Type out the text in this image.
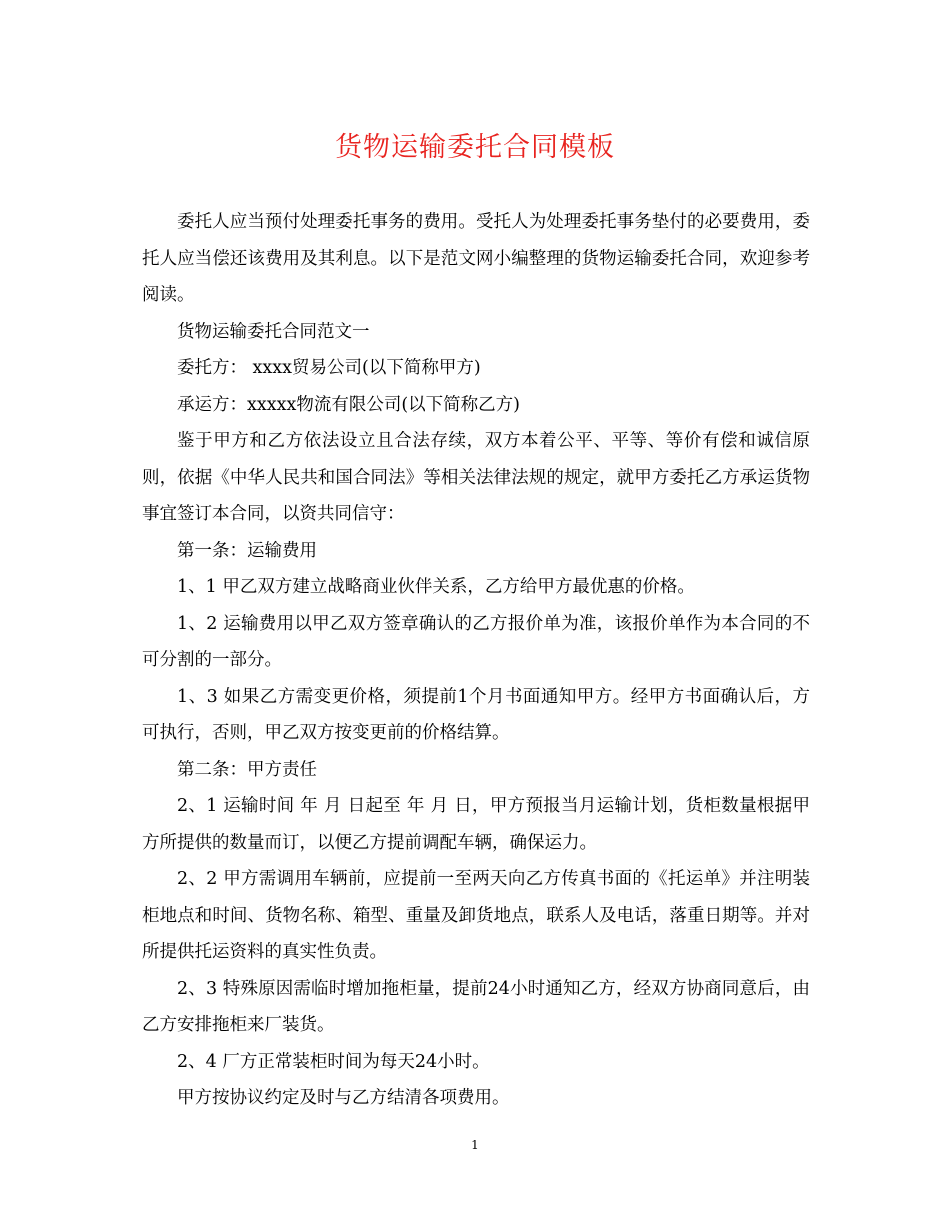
货物运输委托合同模板

委托人应当预付处理委托事务的费用。受托人为处理委托事务垫付的必要费用，委托人应当偿还该费用及其利息。以下是范文网小编整理的货物运输委托合同，欢迎参考阅读。

货物运输委托合同范文一

委托方： xxxx贸易公司(以下简称甲方)

承运方：xxxxx物流有限公司(以下简称乙方)

鉴于甲方和乙方依法设立且合法存续，双方本着公平、平等、等价有偿和诚信原则，依据《中华人民共和国合同法》等相关法律法规的规定，就甲方委托乙方承运货物事宜签订本合同，以资共同信守：

第一条：运输费用

1、1 甲乙双方建立战略商业伙伴关系，乙方给甲方最优惠的价格。

1、2 运输费用以甲乙双方签章确认的乙方报价单为准，该报价单作为本合同的不可分割的一部分。

1、3 如果乙方需变更价格，须提前1个月书面通知甲方。经甲方书面确认后，方可执行，否则，甲乙双方按变更前的价格结算。

第二条：甲方责任

2、1 运输时间 年 月 日起至 年 月 日，甲方预报当月运输计划，货柜数量根据甲方所提供的数量而订，以便乙方提前调配车辆，确保运力。

2、2 甲方需调用车辆前，应提前一至两天向乙方传真书面的《托运单》并注明装柜地点和时间、货物名称、箱型、重量及卸货地点，联系人及电话，落重日期等。并对所提供托运资料的真实性负责。

2、3 特殊原因需临时增加拖柜量，提前24小时通知乙方，经双方协商同意后，由乙方安排拖柜来厂装货。

2、4 厂方正常装柜时间为每天24小时。

甲方按协议约定及时与乙方结清各项费用。

1
